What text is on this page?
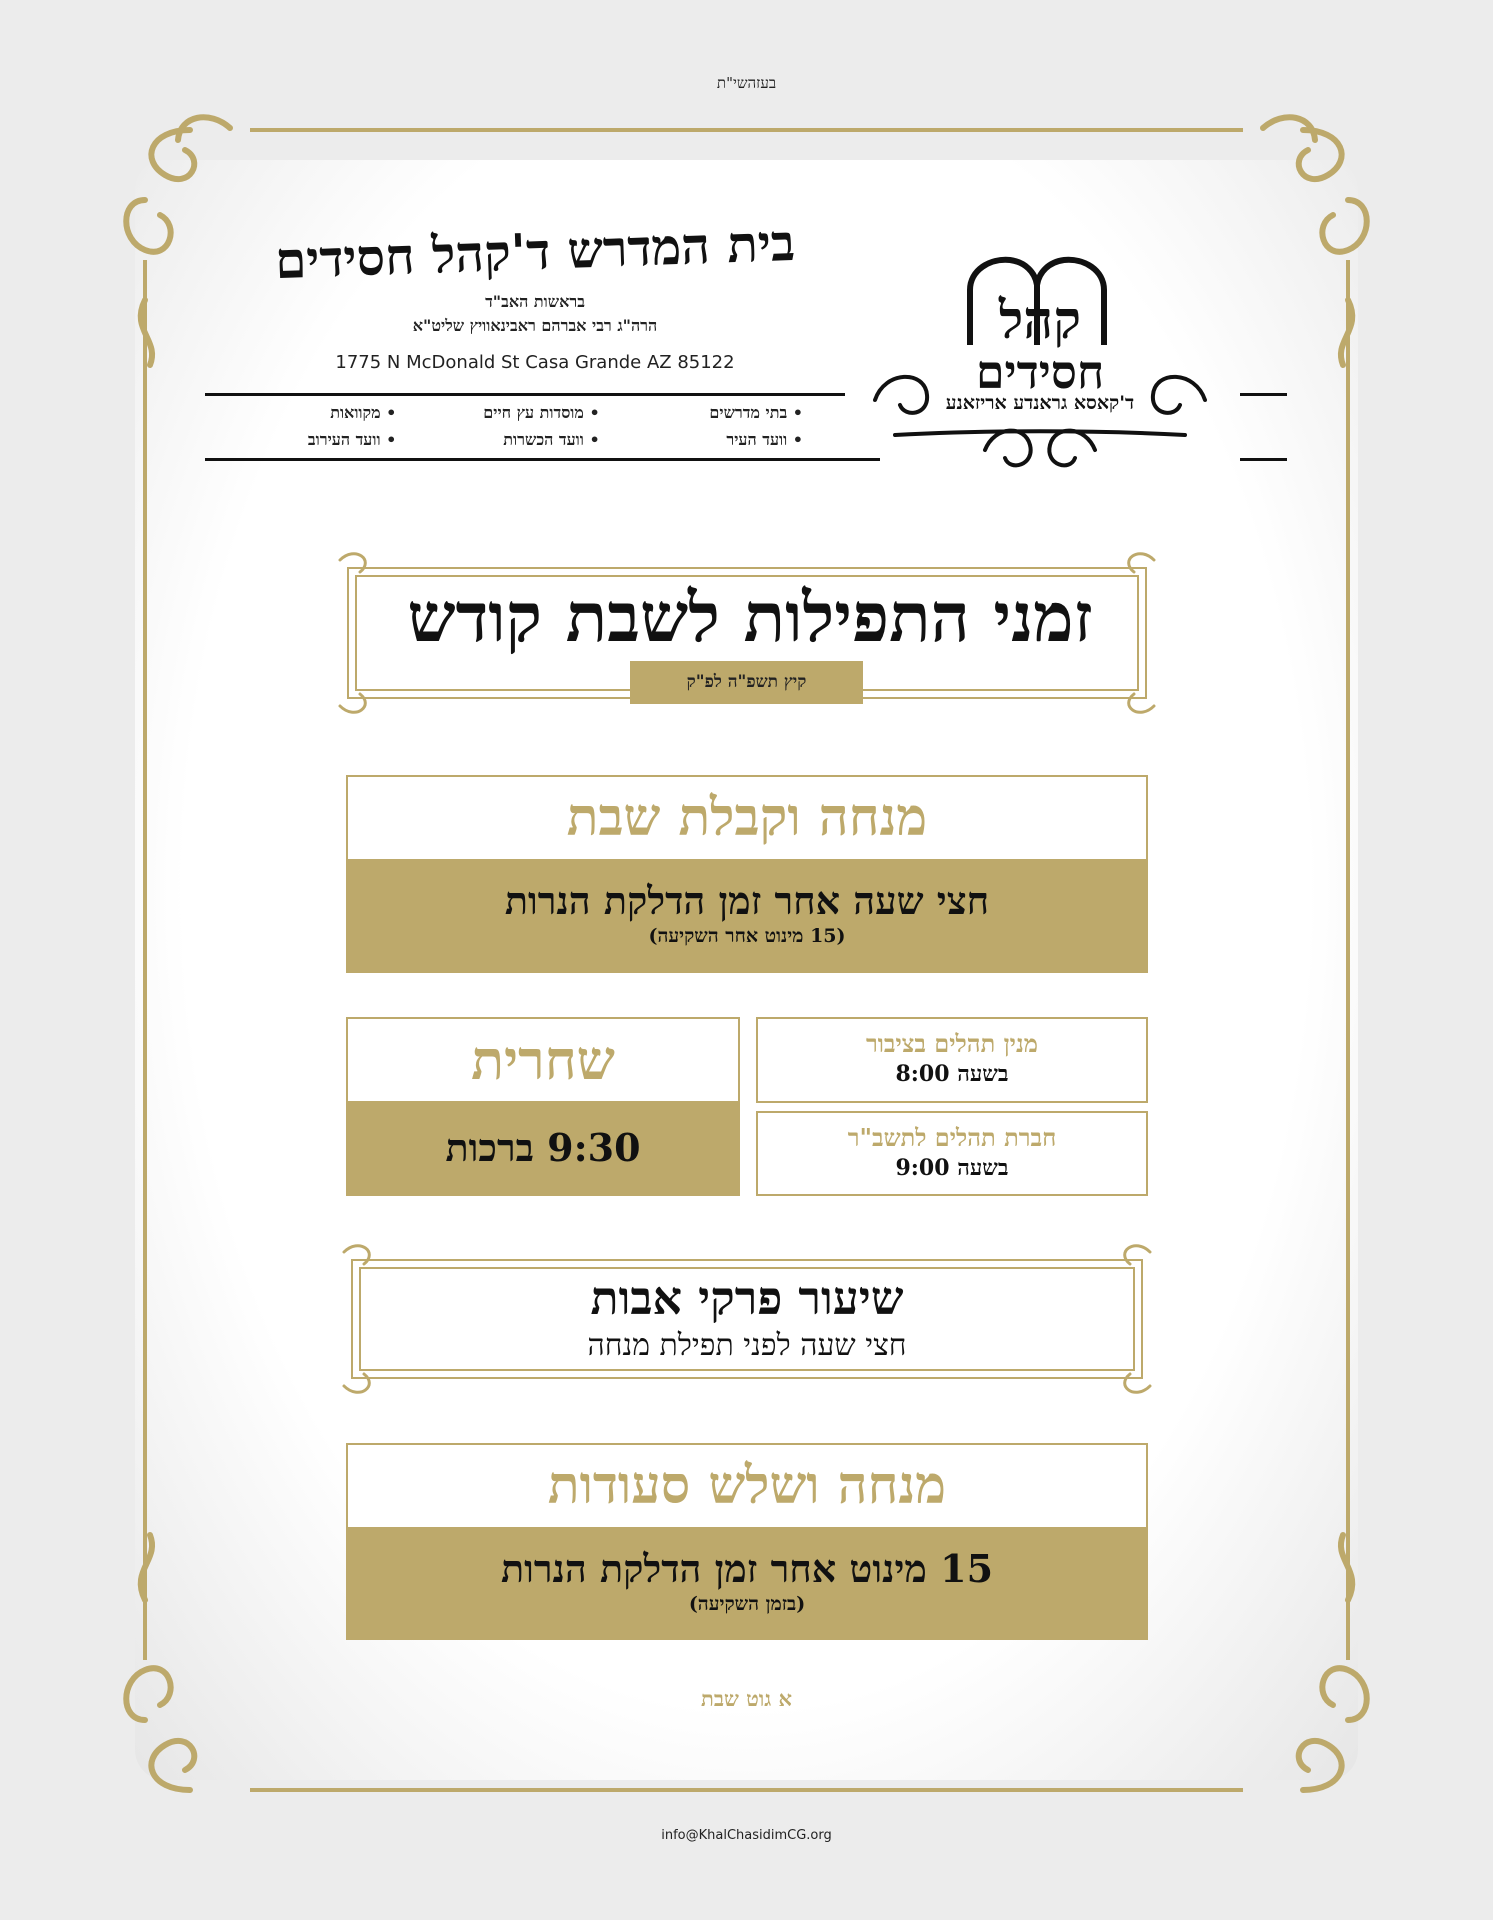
בעזהשי"ת
בית המדרש ד'קהל חסידים
בראשות האב"ד
הרה"ג רבי אברהם ראבינאוויץ שליט"א
1775 N McDonald St Casa Grande AZ 85122
• בתי מדרשים
• מוסדות עץ חיים
• מקוואות
• וועד העיר
• וועד הכשרות
• וועד העירוב
קהל
חסידים
ד'קאסא גראנדע אריזאנע
זמני התפילות לשבת קודש
קיץ תשפ"ה לפ"ק
מנחה וקבלת שבת
חצי שעה אחר זמן הדלקת הנרות
(15 מינוט אחר השקיעה)
שחרית
9:30 ברכות
מנין תהלים בציבור
בשעה 8:00
חברת תהלים לתשב"ר
בשעה 9:00
שיעור פרקי אבות
חצי שעה לפני תפילת מנחה
מנחה ושלש סעודות
15 מינוט אחר זמן הדלקת הנרות
(בזמן השקיעה)
א גוט שבת
info@KhalChasidimCG.org
